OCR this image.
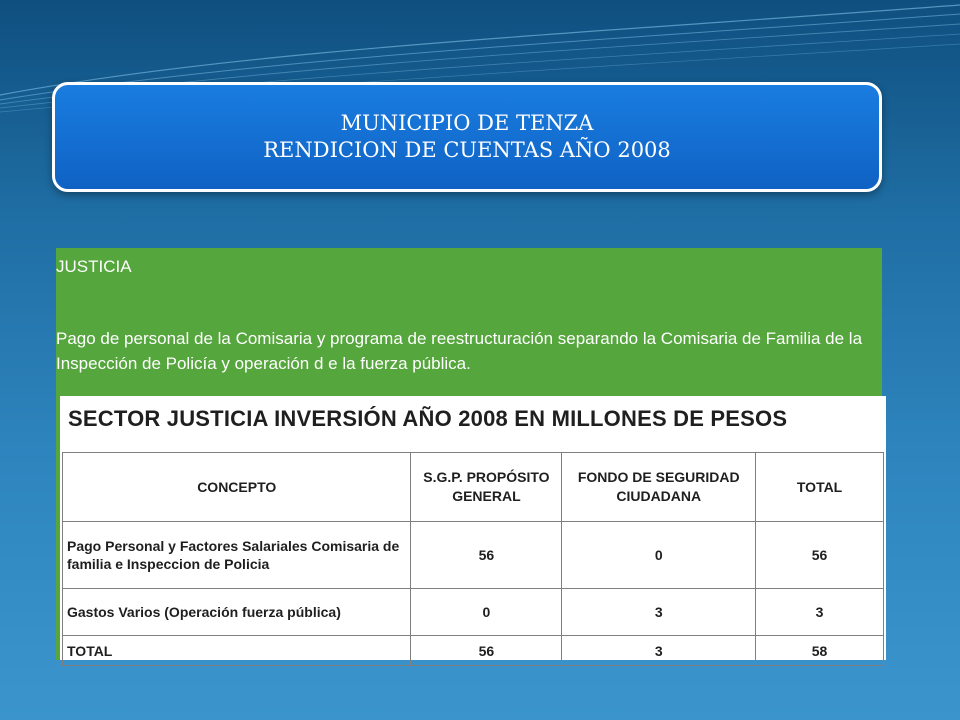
MUNICIPIO DE TENZA
RENDICION DE CUENTAS AÑO 2008
JUSTICIA
Pago de personal de la Comisaria y programa de reestructuración separando la Comisaria de Familia de la Inspección de Policía y operación d e la fuerza pública.
SECTOR JUSTICIA INVERSIÓN AÑO 2008 EN MILLONES DE PESOS
CONCEPTO	S.G.P. PROPÓSITO GENERAL	FONDO DE SEGURIDAD CIUDADANA	TOTAL
Pago Personal y Factores Salariales Comisaria de familia e Inspeccion de Policia	56	0	56
Gastos Varios (Operación fuerza pública)	0	3	3
TOTAL	56	3	58
